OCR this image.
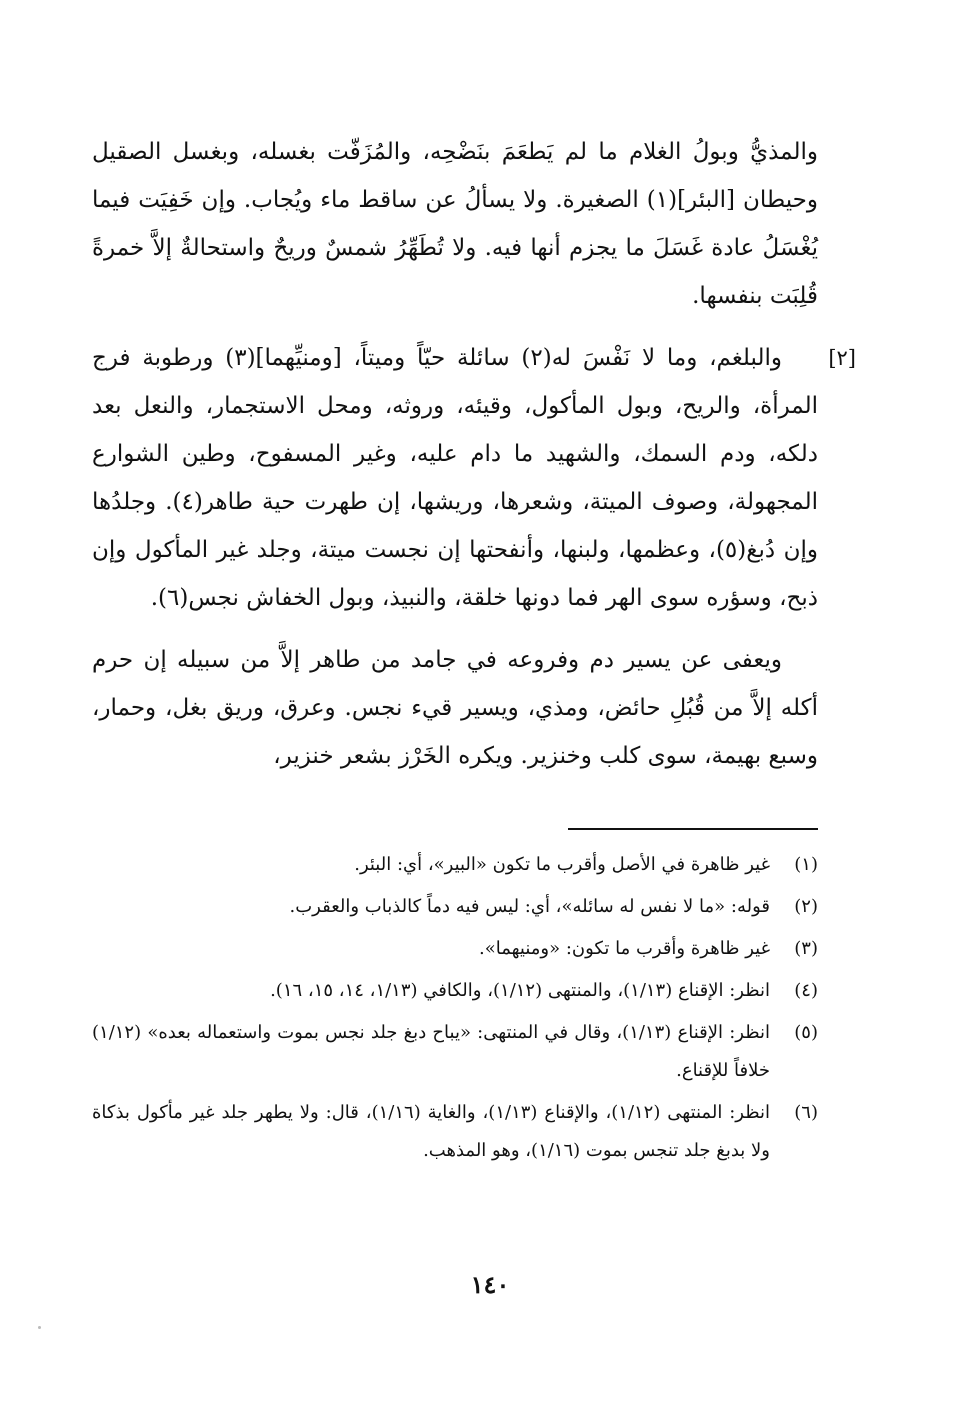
والمذيُّ وبولُ الغلام ما لم يَطعَمَ بنَضْحِه، والمُزَفّت بغسله، وبغسل الصقيل وحيطان [البئر](١) الصغيرة. ولا يسألُ عن ساقط ماء ويُجاب. وإن خَفِيَت فيما يُغْسَلُ عادة غَسَلَ ما يجزم أنها فيه. ولا تُطَهِّرُ شمسٌ وريحٌ واستحالةٌ إلاَّ خمرةً قُلِبَت بنفسها.

[٢]
والبلغم، وما لا نَفْسَ له(٢) سائلة حيّاً وميتاً، [ومنيِّهما](٣) ورطوبة فرج المرأة، والريح، وبول المأكول، وقيئه، وروثه، ومحل الاستجمار، والنعل بعد دلكه، ودم السمك، والشهيد ما دام عليه، وغير المسفوح، وطين الشوارع المجهولة، وصوف الميتة، وشعرها، وريشها، إن طهرت حية طاهر(٤). وجلدُها وإن دُبغ(٥)، وعظمها، ولبنها، وأنفحتها إن نجست ميتة، وجلد غير المأكول وإن ذبح، وسؤره سوى الهر فما دونها خلقة، والنبيذ، وبول الخفاش نجس(٦).

ويعفى عن يسير دم وفروعه في جامد من طاهر إلاَّ من سبيله إن حرم أكله إلاَّ من قُبُلِ حائض، ومذي، ويسير قيء نجس. وعرق، وريق بغل، وحمار، وسبع بهيمة، سوى كلب وخنزير. ويكره الخَرْز بشعر خنزير،

(١)
غير ظاهرة في الأصل وأقرب ما تكون «البير»، أي: البئر.
(٢)
قوله: «ما لا نفس له سائله»، أي: ليس فيه دماً كالذباب والعقرب.
(٣)
غير ظاهرة وأقرب ما تكون: «ومنيهما».
(٤)
انظر: الإقناع (١/١٣)، والمنتهى (١/١٢)، والكافي (١/١٣، ١٤، ١٥، ١٦).
(٥)
انظر: الإقناع (١/١٣)، وقال في المنتهى: «يباح دبغ جلد نجس بموت واستعماله بعده» (١/١٢) خلافاً للإقناع.
(٦)
انظر: المنتهى (١/١٢)، والإقناع (١/١٣)، والغاية (١/١٦)، قال: ولا يطهر جلد غير مأكول بذكاة ولا بدبغ جلد تنجس بموت (١/١٦)، وهو المذهب.
١٤٠
